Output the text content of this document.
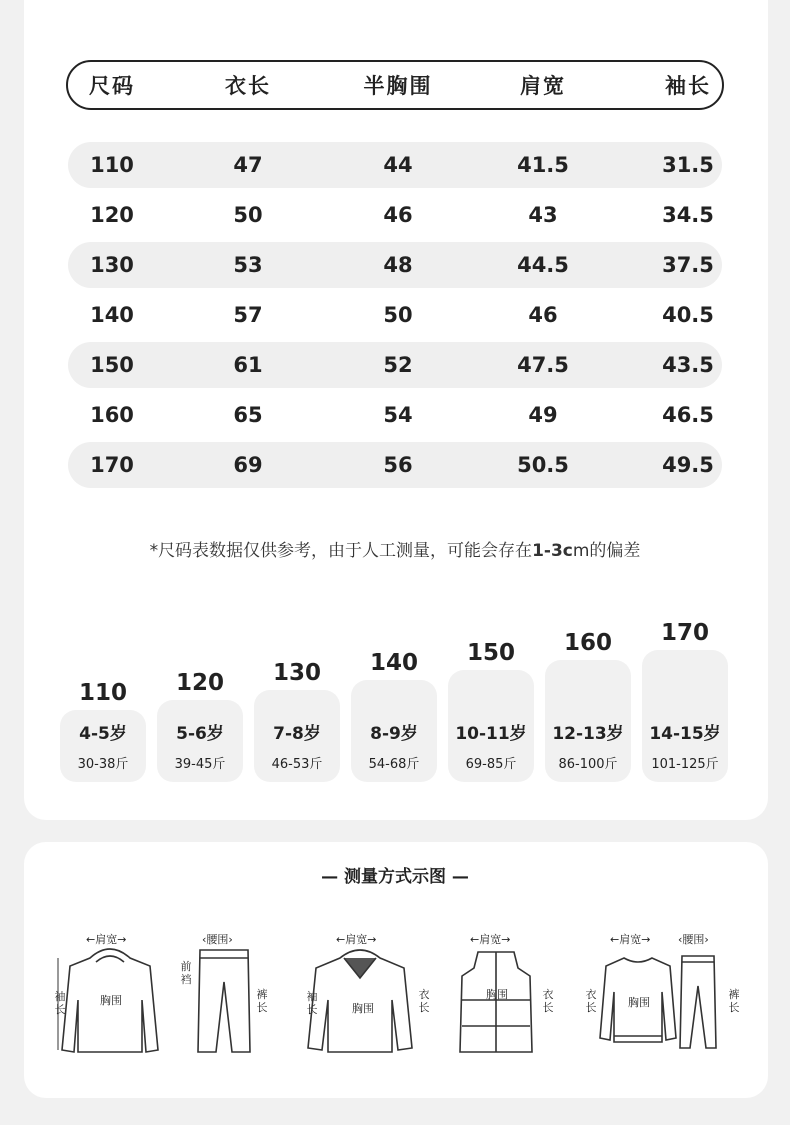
尺码	衣长	半胸围	肩宽	袖长
110	47	44	41.5	31.5
120	50	46	43	34.5
130	53	48	44.5	37.5
140	57	50	46	40.5
150	61	52	47.5	43.5
160	65	54	49	46.5
170	69	56	50.5	49.5
*尺码表数据仅供参考，由于人工测量，可能会存在1-3cm的偏差
110
4-5岁
30-38斤
120
5-6岁
39-45斤
130
7-8岁
46-53斤
140
8-9岁
54-68斤
150
10-11岁
69-85斤
160
12-13岁
86-100斤
170
14-15岁
101-125斤
— 测量方式示图 —
←肩宽→
袖长
胸围
‹腰围›
前裆
裤长
←肩宽→
袖长
衣长
胸围
←肩宽→
衣长
胸围
←肩宽→	‹腰围›
衣长
裤长
胸围
